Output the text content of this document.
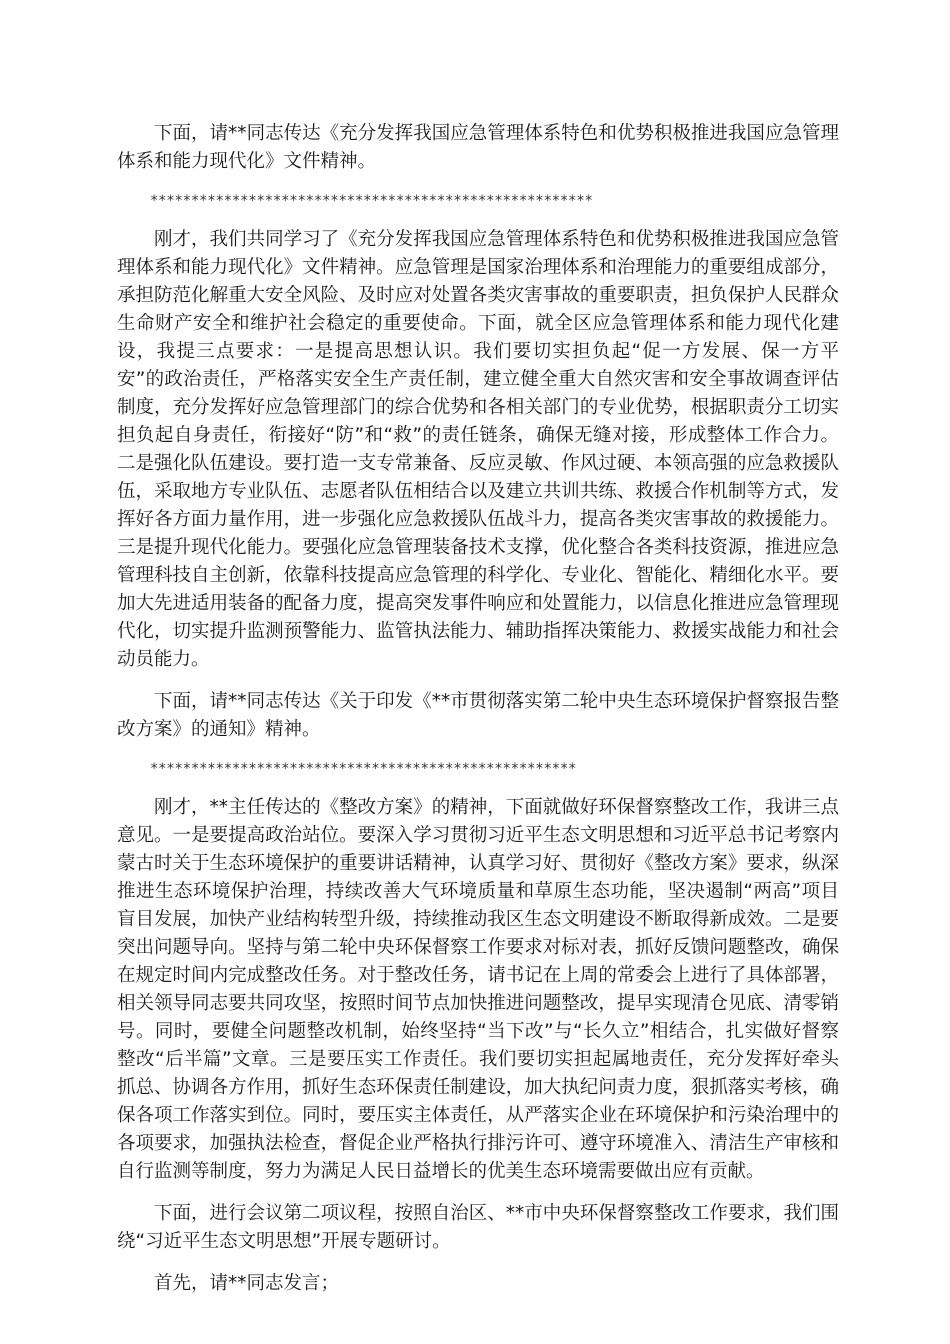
下面，请**同志传达《充分发挥我国应急管理体系特色和优势积极推进我国应急管理体系和能力现代化》文件精神。

******************************************************

刚才，我们共同学习了《充分发挥我国应急管理体系特色和优势积极推进我国应急管理体系和能力现代化》文件精神。应急管理是国家治理体系和治理能力的重要组成部分，承担防范化解重大安全风险、及时应对处置各类灾害事故的重要职责，担负保护人民群众生命财产安全和维护社会稳定的重要使命。下面，就全区应急管理体系和能力现代化建设，我提三点要求：一是提高思想认识。我们要切实担负起“促一方发展、保一方平安”的政治责任，严格落实安全生产责任制，建立健全重大自然灾害和安全事故调查评估制度，充分发挥好应急管理部门的综合优势和各相关部门的专业优势，根据职责分工切实担负起自身责任，衔接好“防”和“救”的责任链条，确保无缝对接，形成整体工作合力。二是强化队伍建设。要打造一支专常兼备、反应灵敏、作风过硬、本领高强的应急救援队伍，采取地方专业队伍、志愿者队伍相结合以及建立共训共练、救援合作机制等方式，发挥好各方面力量作用，进一步强化应急救援队伍战斗力，提高各类灾害事故的救援能力。三是提升现代化能力。要强化应急管理装备技术支撑，优化整合各类科技资源，推进应急管理科技自主创新，依靠科技提高应急管理的科学化、专业化、智能化、精细化水平。要加大先进适用装备的配备力度，提高突发事件响应和处置能力，以信息化推进应急管理现代化，切实提升监测预警能力、监管执法能力、辅助指挥决策能力、救援实战能力和社会动员能力。

下面，请**同志传达《关于印发《**市贯彻落实第二轮中央生态环境保护督察报告整改方案》的通知》精神。

****************************************************

刚才，**主任传达的《整改方案》的精神，下面就做好环保督察整改工作，我讲三点意见。一是要提高政治站位。要深入学习贯彻习近平生态文明思想和习近平总书记考察内蒙古时关于生态环境保护的重要讲话精神，认真学习好、贯彻好《整改方案》要求，纵深推进生态环境保护治理，持续改善大气环境质量和草原生态功能，坚决遏制“两高”项目盲目发展，加快产业结构转型升级，持续推动我区生态文明建设不断取得新成效。二是要突出问题导向。坚持与第二轮中央环保督察工作要求对标对表，抓好反馈问题整改，确保在规定时间内完成整改任务。对于整改任务，请书记在上周的常委会上进行了具体部署，相关领导同志要共同攻坚，按照时间节点加快推进问题整改，提早实现清仓见底、清零销号。同时，要健全问题整改机制，始终坚持“当下改”与“长久立”相结合，扎实做好督察整改“后半篇”文章。三是要压实工作责任。我们要切实担起属地责任，充分发挥好牵头抓总、协调各方作用，抓好生态环保责任制建设，加大执纪问责力度，狠抓落实考核，确保各项工作落实到位。同时，要压实主体责任，从严落实企业在环境保护和污染治理中的各项要求，加强执法检查，督促企业严格执行排污许可、遵守环境准入、清洁生产审核和自行监测等制度，努力为满足人民日益增长的优美生态环境需要做出应有贡献。

下面，进行会议第二项议程，按照自治区、**市中央环保督察整改工作要求，我们围绕“习近平生态文明思想”开展专题研讨。

首先，请**同志发言；
